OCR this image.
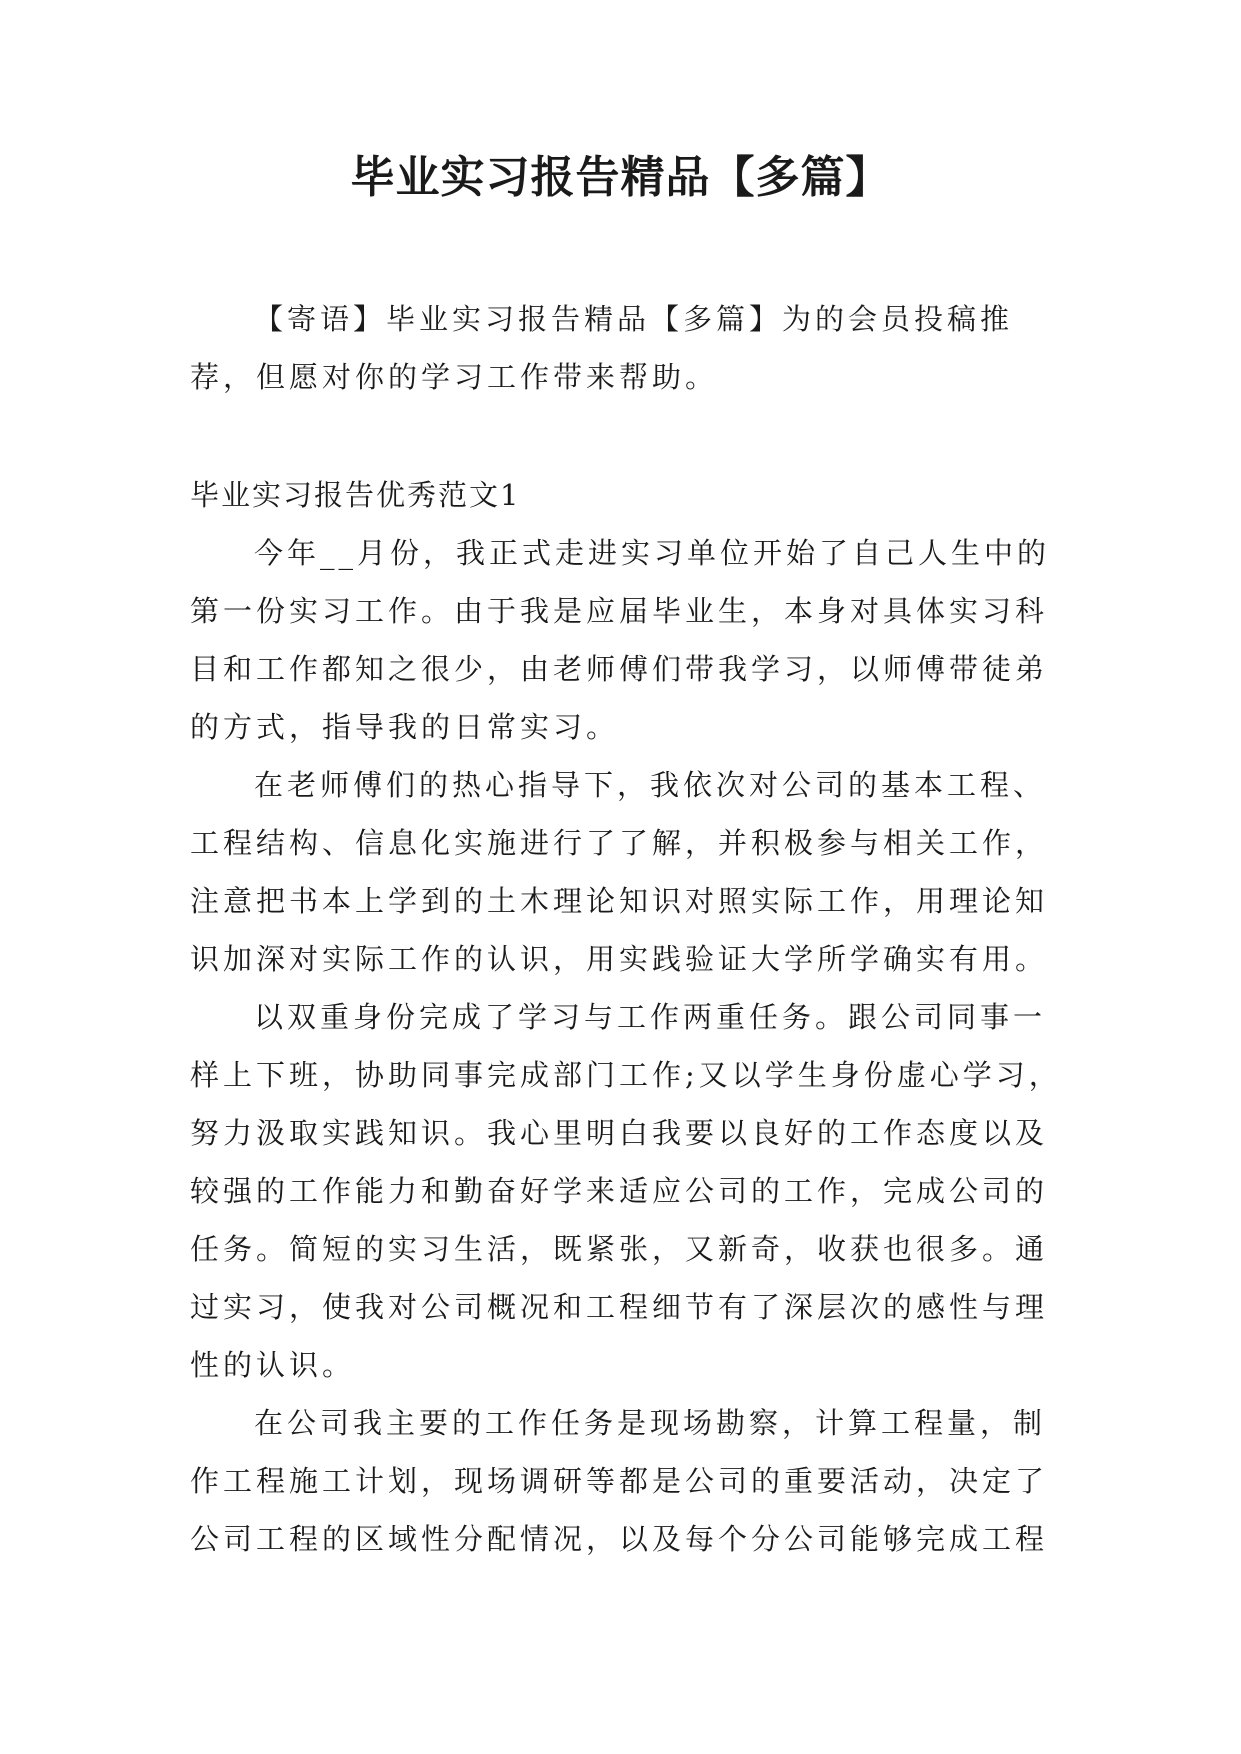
毕业实习报告精品【多篇】
【寄语】毕业实习报告精品【多篇】为的会员投稿推荐，但愿对你的学习工作带来帮助。
毕业实习报告优秀范文1

今年__月份，我正式走进实习单位开始了自己人生中的第一份实习工作。由于我是应届毕业生，本身对具体实习科目和工作都知之很少，由老师傅们带我学习，以师傅带徒弟的方式，指导我的日常实习。

在老师傅们的热心指导下，我依次对公司的基本工程、工程结构、信息化实施进行了了解，并积极参与相关工作，注意把书本上学到的土木理论知识对照实际工作，用理论知识加深对实际工作的认识，用实践验证大学所学确实有用。

以双重身份完成了学习与工作两重任务。跟公司同事一样上下班，协助同事完成部门工作;又以学生身份虚心学习，努力汲取实践知识。我心里明白我要以良好的工作态度以及较强的工作能力和勤奋好学来适应公司的工作，完成公司的任务。简短的实习生活，既紧张，又新奇，收获也很多。通过实习，使我对公司概况和工程细节有了深层次的感性与理性的认识。

在公司我主要的工作任务是现场勘察，计算工程量，制作工程施工计划，现场调研等都是公司的重要活动，决定了公司工程的区域性分配情况，以及每个分公司能够完成工程
